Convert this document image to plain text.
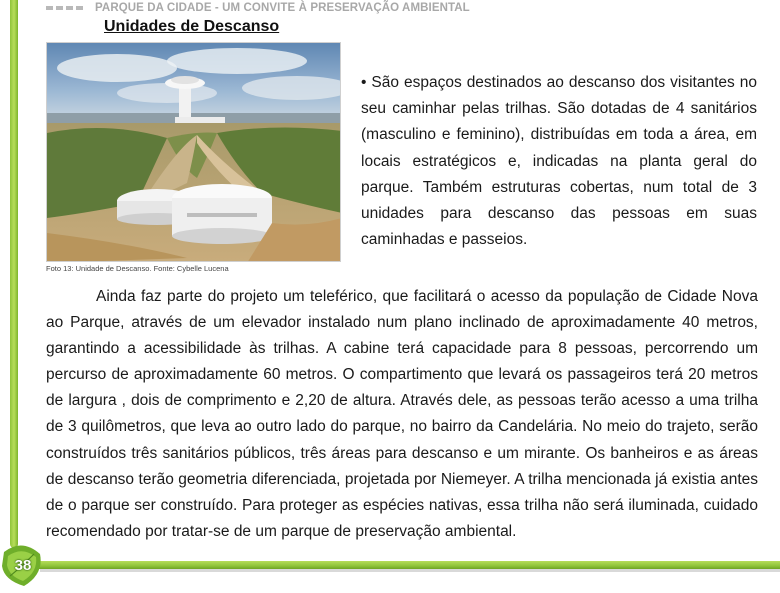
PARQUE DA CIDADE - UM CONVITE À PRESERVAÇÃO AMBIENTAL
Unidades de Descanso
Foto 13: Unidade de Descanso. Fonte: Cybelle Lucena

• São espaços destinados ao descanso dos visitantes no seu caminhar pelas trilhas. São dotadas de 4 sanitários (masculino e feminino), distribuídas em toda a área, em locais estratégicos e, indicadas na planta geral do parque. Também estruturas cobertas, num total de 3 unidades para descanso das pessoas em suas caminhadas e passeios.

Ainda faz parte do projeto um teleférico, que facilitará o acesso da população de Cidade Nova ao Parque, através de um elevador instalado num plano inclinado de aproximadamente 40 metros, garantindo a acessibilidade às trilhas. A cabine terá capacidade para 8 pessoas, percorrendo um percurso de aproximadamente 60 metros. O compartimento que levará os passageiros terá 20 metros de largura , dois de comprimento e 2,20 de altura. Através dele, as pessoas terão acesso a uma trilha de 3 quilômetros, que leva ao outro lado do parque, no bairro da Candelária. No meio do trajeto, serão construídos três sanitários públicos, três áreas para descanso e um mirante. Os banheiros e as áreas de descanso terão geometria diferenciada, projetada por Niemeyer. A trilha mencionada já existia antes de o parque ser construído. Para proteger as espécies nativas, essa trilha não será iluminada, cuidado recomendado por tratar-se de um parque de preservação ambiental.

38
